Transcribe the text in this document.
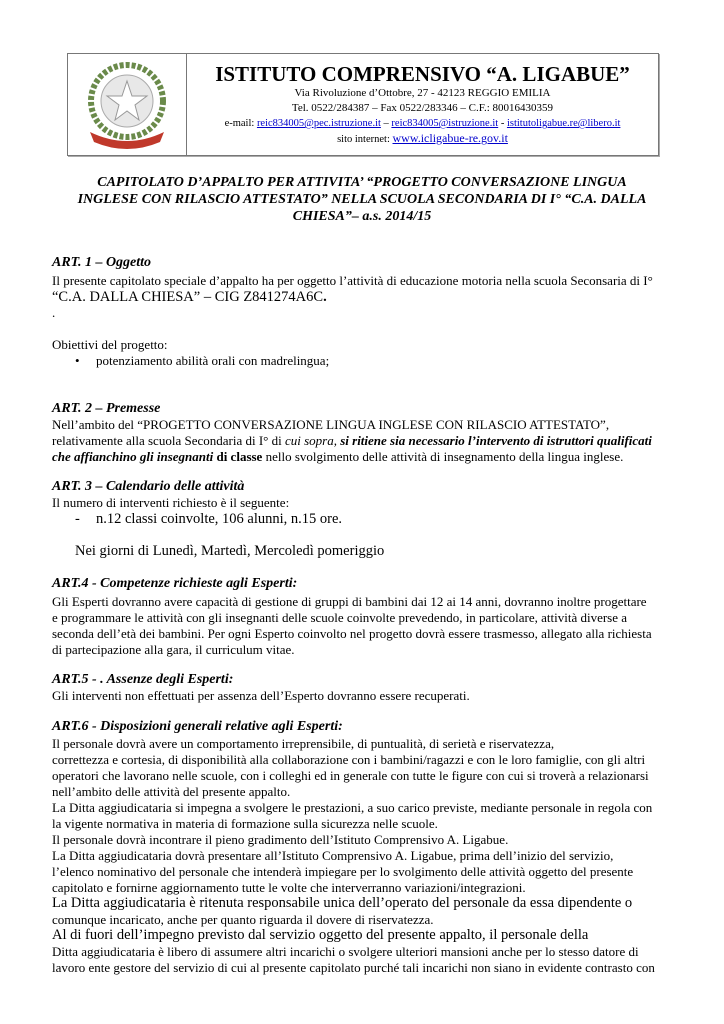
ISTITUTO COMPRENSIVO “A. LIGABUE”
Via Rivoluzione d’Ottobre, 27 - 42123 REGGIO EMILIA
Tel. 0522/284387 – Fax 0522/283346 – C.F.: 80016430359
e-mail: reic834005@pec.istruzione.it – reic834005@istruzione.it - istitutoligabue.re@libero.it
sito internet: www.icligabue-re.gov.it
CAPITOLATO D’APPALTO PER ATTIVITA’ “PROGETTO CONVERSAZIONE LINGUA
INGLESE CON RILASCIO ATTESTATO” NELLA SCUOLA SECONDARIA DI I° “C.A. DALLA
CHIESA”– a.s. 2014/15
ART. 1 – Oggetto
Il presente capitolato speciale d’appalto ha per oggetto l’attività di educazione motoria nella scuola Seconsaria di I°
“C.A. DALLA CHIESA” – CIG Z841274A6C.
.
Obiettivi del progetto:
• potenziamento abilità orali con madrelingua;
ART. 2 – Premesse
Nell’ambito del “PROGETTO CONVERSAZIONE LINGUA INGLESE CON RILASCIO ATTESTATO”,
relativamente alla scuola Secondaria di I° di cui sopra, si ritiene sia necessario l’intervento di istruttori qualificati
che affianchino gli insegnanti di classe nello svolgimento delle attività di insegnamento della lingua inglese.
ART. 3 – Calendario delle attività
Il numero di interventi richiesto è il seguente:
- n.12 classi coinvolte, 106 alunni, n.15 ore.
Nei giorni di Lunedì, Martedì, Mercoledì pomeriggio
ART.4 - Competenze richieste agli Esperti:
Gli Esperti dovranno avere capacità di gestione di gruppi di bambini dai 12 ai 14 anni, dovranno inoltre progettare
e programmare le attività con gli insegnanti delle scuole coinvolte prevedendo, in particolare, attività diverse a
seconda dell’età dei bambini. Per ogni Esperto coinvolto nel progetto dovrà essere trasmesso, allegato alla richiesta
di partecipazione alla gara, il curriculum vitae.
ART.5 - . Assenze degli Esperti:
Gli interventi non effettuati per assenza dell’Esperto dovranno essere recuperati.
ART.6 - Disposizioni generali relative agli Esperti:
Il personale dovrà avere un comportamento irreprensibile, di puntualità, di serietà e riservatezza,
correttezza e cortesia, di disponibilità alla collaborazione con i bambini/ragazzi e con le loro famiglie, con gli altri
operatori che lavorano nelle scuole, con i colleghi ed in generale con tutte le figure con cui si troverà a relazionarsi
nell’ambito delle attività del presente appalto.
La Ditta aggiudicataria si impegna a svolgere le prestazioni, a suo carico previste, mediante personale in regola con
la vigente normativa in materia di formazione sulla sicurezza nelle scuole.
Il personale dovrà incontrare il pieno gradimento dell’Istituto Comprensivo A. Ligabue.
La Ditta aggiudicataria dovrà presentare all’Istituto Comprensivo A. Ligabue, prima dell’inizio del servizio,
l’elenco nominativo del personale che intenderà impiegare per lo svolgimento delle attività oggetto del presente
capitolato e fornirne aggiornamento tutte le volte che interverranno variazioni/integrazioni.
La Ditta aggiudicataria è ritenuta responsabile unica dell’operato del personale da essa dipendente o
comunque incaricato, anche per quanto riguarda il dovere di riservatezza.
Al di fuori dell’impegno previsto dal servizio oggetto del presente appalto, il personale della
Ditta aggiudicataria è libero di assumere altri incarichi o svolgere ulteriori mansioni anche per lo stesso datore di
lavoro ente gestore del servizio di cui al presente capitolato purché tali incarichi non siano in evidente contrasto con
